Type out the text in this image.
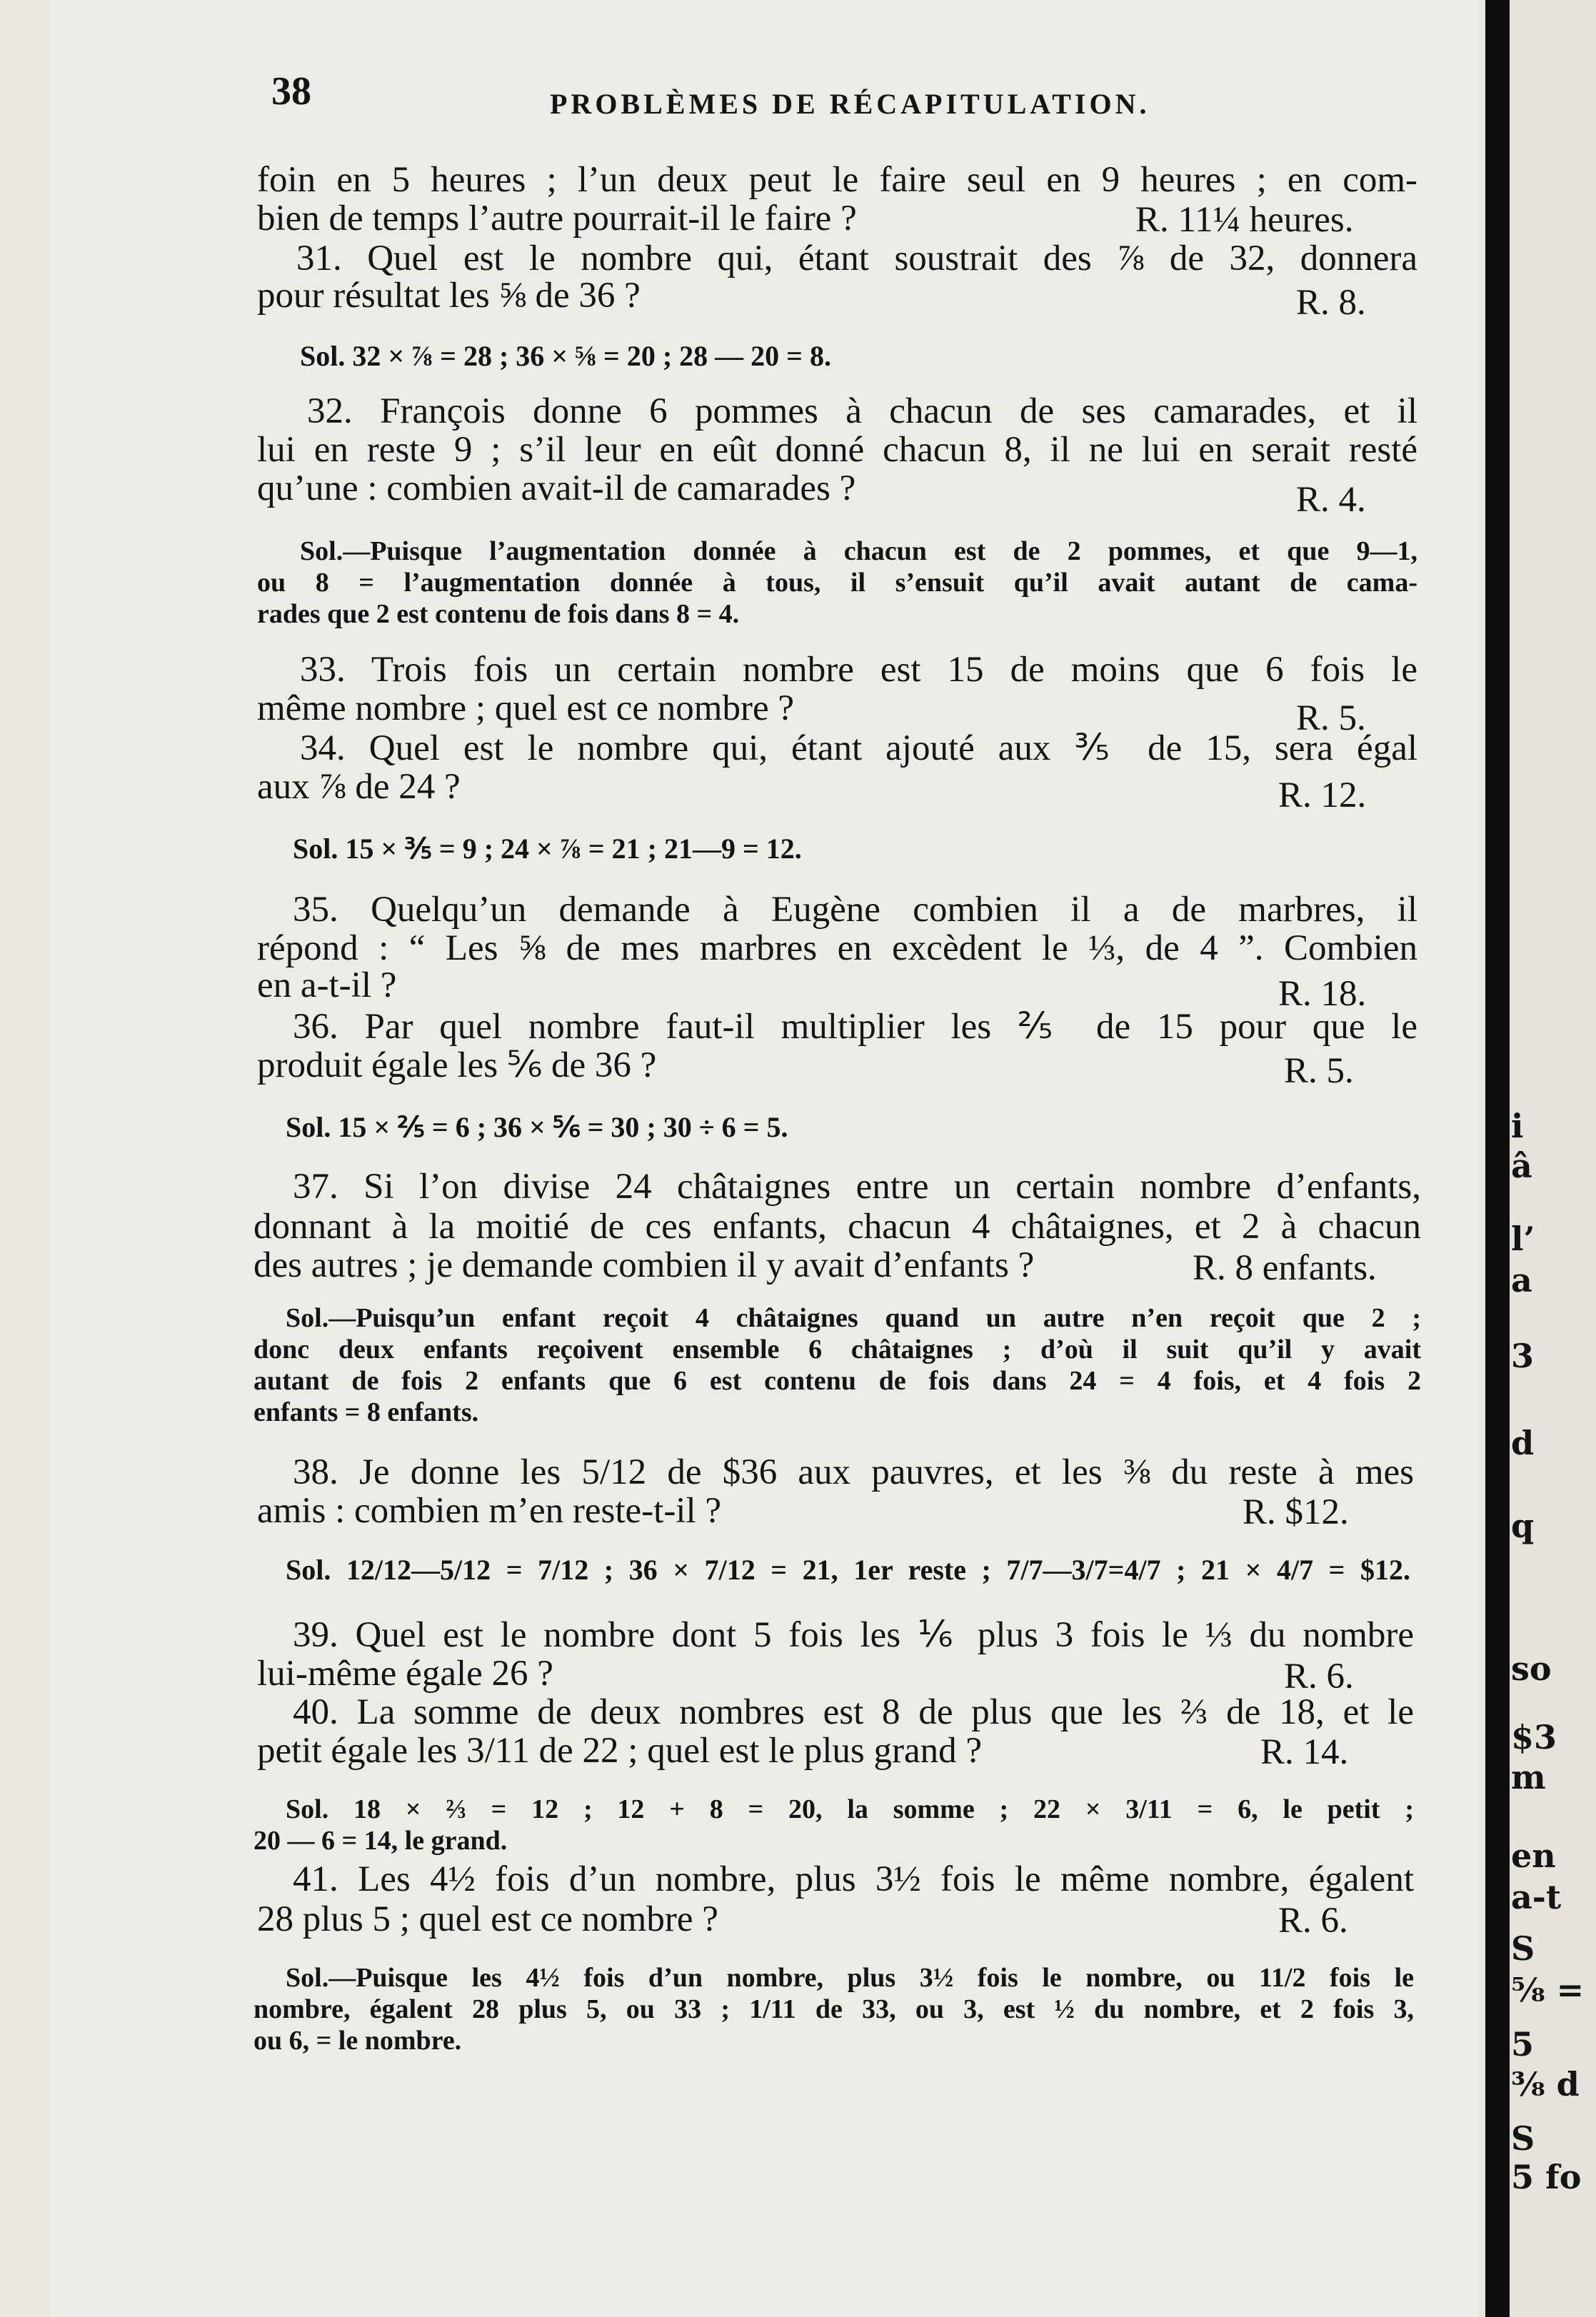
38	PROBLÈMES DE RÉCAPITULATION.
foin en 5 heures ; l’un deux peut le faire seul en 9 heures ; en com-
bien de temps l’autre pourrait-il le faire ?	R. 11¼ heures.
31. Quel est le nombre qui, étant soustrait des ⅞ de 32, donnera
pour résultat les ⅝ de 36 ?	R. 8.
Sol. 32 × ⅞ = 28 ; 36 × ⅝ = 20 ; 28 — 20 = 8.
32. François donne 6 pommes à chacun de ses camarades, et il
lui en reste 9 ; s’il leur en eût donné chacun 8, il ne lui en serait resté
qu’une : combien avait-il de camarades ?	R. 4.
Sol.—Puisque l’augmentation donnée à chacun est de 2 pommes, et que 9—1,
ou 8 = l’augmentation donnée à tous, il s’ensuit qu’il avait autant de cama-
rades que 2 est contenu de fois dans 8 = 4.
33. Trois fois un certain nombre est 15 de moins que 6 fois le
même nombre ; quel est ce nombre ?	R. 5.
34. Quel est le nombre qui, étant ajouté aux ⅗ de 15, sera égal
aux ⅞ de 24 ?	R. 12.
Sol. 15 × ⅗ = 9 ; 24 × ⅞ = 21 ; 21—9 = 12.
35. Quelqu’un demande à Eugène combien il a de marbres, il
répond : “ Les ⅝ de mes marbres en excèdent le ⅓, de 4 ”. Combien
en a-t-il ?	R. 18.
36. Par quel nombre faut-il multiplier les ⅖ de 15 pour que le
produit égale les ⅚ de 36 ?	R. 5.
Sol. 15 × ⅖ = 6 ; 36 × ⅚ = 30 ; 30 ÷ 6 = 5.
37. Si l’on divise 24 châtaignes entre un certain nombre d’enfants,
donnant à la moitié de ces enfants, chacun 4 châtaignes, et 2 à chacun
des autres ; je demande combien il y avait d’enfants ?	R. 8 enfants.
Sol.—Puisqu’un enfant reçoit 4 châtaignes quand un autre n’en reçoit que 2 ;
donc deux enfants reçoivent ensemble 6 châtaignes ; d’où il suit qu’il y avait
autant de fois 2 enfants que 6 est contenu de fois dans 24 = 4 fois, et 4 fois 2
enfants = 8 enfants.
38. Je donne les 5/12 de $36 aux pauvres, et les ⅜ du reste à mes
amis : combien m’en reste-t-il ?	R. $12.
Sol. 12/12—5/12 = 7/12 ; 36 × 7/12 = 21, 1er reste ; 7/7—3/7=4/7 ; 21 × 4/7 = $12.
39. Quel est le nombre dont 5 fois les ⅙ plus 3 fois le ⅓ du nombre
lui-même égale 26 ?	R. 6.
40. La somme de deux nombres est 8 de plus que les ⅔ de 18, et le
petit égale les 3/11 de 22 ; quel est le plus grand ?	R. 14.
Sol. 18 × ⅔ = 12 ; 12 + 8 = 20, la somme ; 22 × 3/11 = 6, le petit ;
20 — 6 = 14, le grand.
41. Les 4½ fois d’un nombre, plus 3½ fois le même nombre, égalent
28 plus 5 ; quel est ce nombre ?	R. 6.
Sol.—Puisque les 4½ fois d’un nombre, plus 3½ fois le nombre, ou 11/2 fois le
nombre, égalent 28 plus 5, ou 33 ; 1/11 de 33, ou 3, est ½ du nombre, et 2 fois 3,
ou 6, = le nombre.
i
â
l’
a
3
d
q
so
$3
m
en
a-t
S
⅝ =
5
⅜ d
S
5 fo
